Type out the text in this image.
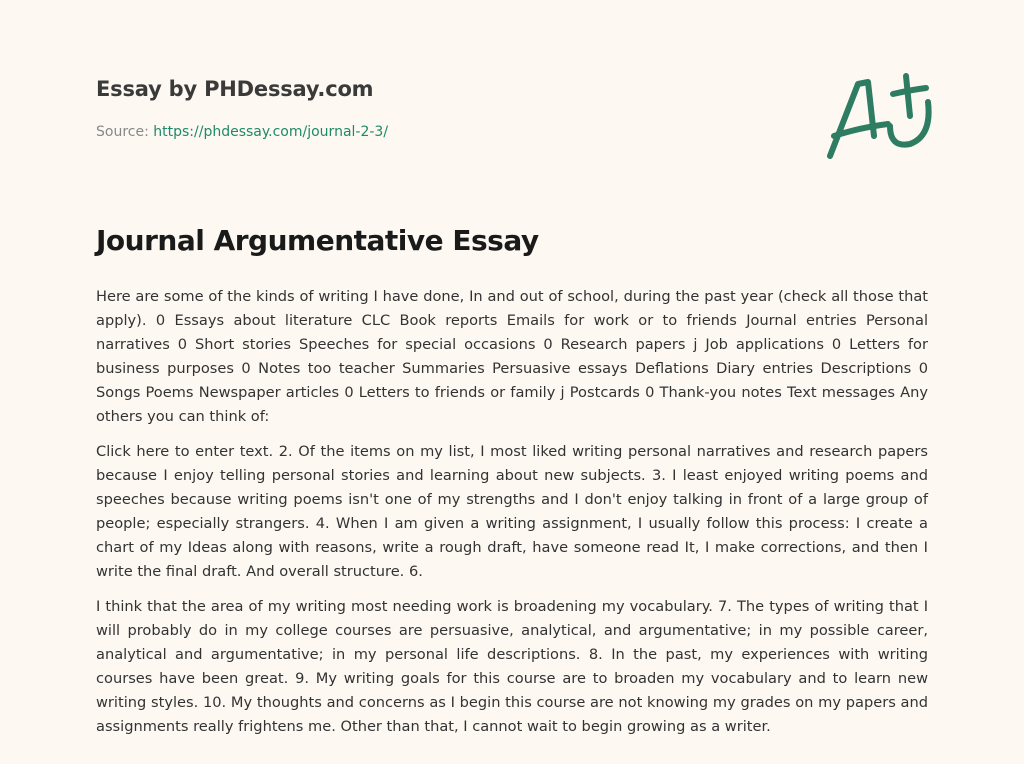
Essay by PHDessay.com
Source: https://phdessay.com/journal-2-3/
Journal Argumentative Essay

Here are some of the kinds of writing I have done, In and out of school, during the past year (check all those that apply). 0 Essays about literature CLC Book reports Emails for work or to friends Journal entries Personal narratives 0 Short stories Speeches for special occasions 0 Research papers j Job applications 0 Letters for business purposes 0 Notes too teacher Summaries Persuasive essays Deflations Diary entries Descriptions 0 Songs Poems Newspaper articles 0 Letters to friends or family j Postcards 0 Thank-you notes Text messages Any others you can think of:

Click here to enter text. 2. Of the items on my list, I most liked writing personal narratives and research papers because I enjoy telling personal stories and learning about new subjects. 3. I least enjoyed writing poems and speeches because writing poems isn't one of my strengths and I don't enjoy talking in front of a large group of people; especially strangers. 4. When I am given a writing assignment, I usually follow this process: I create a chart of my Ideas along with reasons, write a rough draft, have someone read It, I make corrections, and then I write the final draft. And overall structure. 6.

I think that the area of my writing most needing work is broadening my vocabulary. 7. The types of writing that I will probably do in my college courses are persuasive, analytical, and argumentative; in my possible career, analytical and argumentative; in my personal life descriptions. 8. In the past, my experiences with writing courses have been great. 9. My writing goals for this course are to broaden my vocabulary and to learn new writing styles. 10. My thoughts and concerns as I begin this course are not knowing my grades on my papers and assignments really frightens me. Other than that, I cannot wait to begin growing as a writer.
